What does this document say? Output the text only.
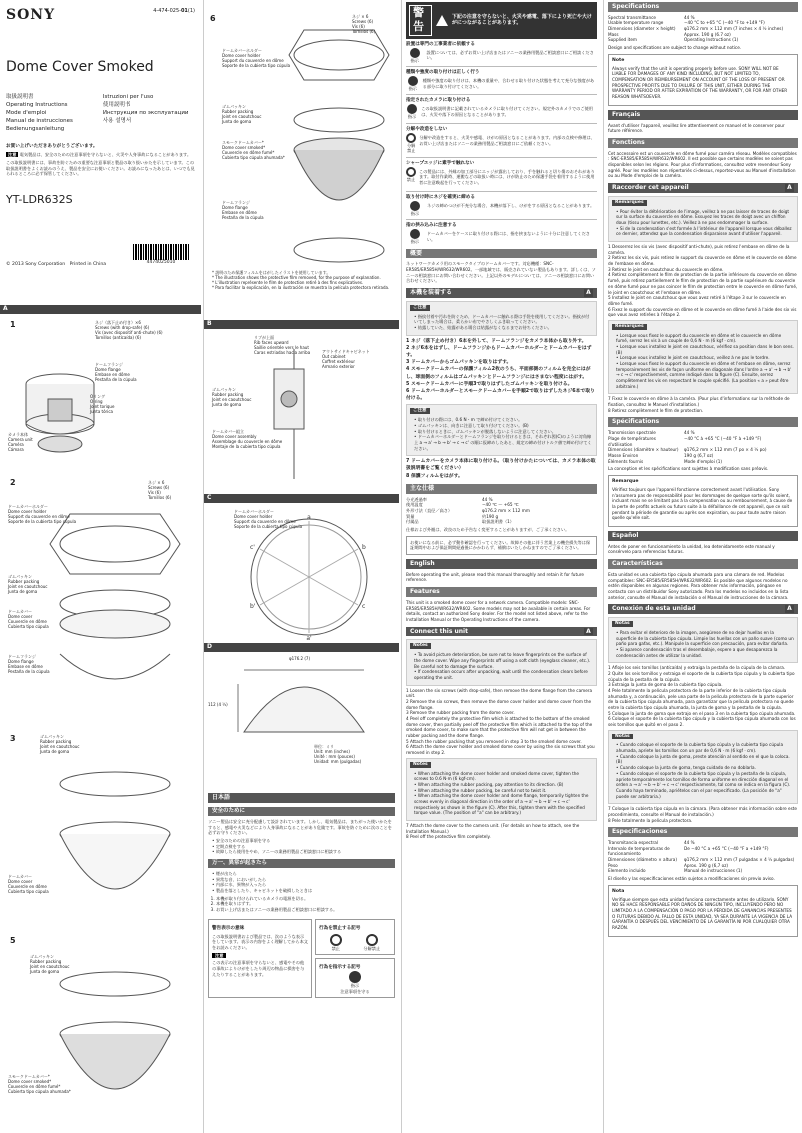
SONY	4-474-025-01(1)
Dome Cover Smoked
取扱説明書
Operating Instructions
Mode d'emploi
Manual de instrucciones
Bedienungsanleitung
Istruzioni per l'uso
使用説明书
Инструкция по эксплуатации
사용 설명서
お買い上げいただきありがとうございます。
注意 電気製品は、安全のための注意事項を守らないと、火災や人身事故になることがあります。
この取扱説明書には、事故を防ぐための重要な注意事項と製品の取り扱いかたを示しています。この取扱説明書をよくお読みのうえ、製品を安全にお使いください。お読みになったあとは、いつでも見られるところに必ず保管してください。
YT-LDR632S
© 2013 Sony Corporation Printed in China	4474025010
A
1	ネジ（落下止め付き）×6
Screws (with drop-safe) (6)
Vis (avec dispositif anti-chute) (6)
Tornillos (antícaída) (6)
ドームフランジ
Dome flange
Embase en dôme
Pestaña de la cúpula
カメラ本体
Camera unit
Caméra
Cámara
Oリング
O-ring
Joint torique
Junta tórica
2	ネジ × 6
Screws (6)
Vis (6)
Tornillos (6)
ドームカバーホルダー
Dome cover holder
Support du couvercle en dôme
Soporte de la cubierta tipo cúpula
ゴムパッキン
Rubber packing
Joint en caoutchouc
Junta de goma
ドームカバー
Dome cover
Couvercle en dôme
Cubierta tipo cúpula
ドームフランジ
Dome flange
Embase en dôme
Pestaña de la cúpula
3	ゴムパッキン
Rubber packing
Joint en caoutchouc
Junta de goma
ドームカバー
Dome cover
Couvercle en dôme
Cubierta tipo cúpula
5
ゴムパッキン
Rubber packing
Joint en caoutchouc
Junta de goma
スモークドームカバー*
Dome cover smoked*
Couvercle en dôme fumé*
Cubierta tipo cúpula ahumada*
6	ネジ × 6
Screws (6)
Vis (6)
Tornillos (6)
ドームカバーホルダー
Dome cover holder
Support du couvercle en dôme
Soporte de la cubierta tipo cúpula
ゴムパッキン
Rubber packing
Joint en caoutchouc
Junta de goma
スモークドームカバー*
Dome cover smoked*
Couvercle en dôme fumé*
Cubierta tipo cúpula ahumada*
ドームフランジ
Dome flange
Embase en dôme
Pestaña de la cúpula
* 説明のため保護フィルムをはがしたイラストを使用しています。
* The illustration shows the protective film removed, for the purpose of explanation.
* L'illustration représente le film de protection retiré à des fins explicatives.
* Para facilitar la explicación, en la ilustración se muestra la película protectora retirada.
B
リブが上面
Rib faces upward
Saillie orientée vers le haut
Caras estriadas hacia arriba	アウトサイドキャビネット
Out cabinet
Coffret extérieur
Armario exterior
ゴムパッキン
Rubber packing
Joint en caoutchouc
Junta de goma
ドームカバー組立
Dome cover assembly
Assemblage du couvercle en dôme
Montaje de la cubierta tipo cúpula
C
a
a'
b
b'	c
c'
ドームカバーホルダー
Dome cover holder
Support du couvercle en dôme
Soporte de la cubierta tipo cúpula
D
φ176.2 (7)
112 (4 ½)
単位：ミリ
Unit: mm (inches)
Unité : mm (pouces)
Unidad: mm (pulgadas)
日本語
安全のために
ソニー製品は安全に充分配慮して設計されています。しかし、電気製品は、まちがった使いかたをすると、感電や火災などにより人身事故になることがあり危険です。事故を防ぐために次のことを必ずお守りください。
• 安全のための注意事項を守る
• 定期点検をする
• 故障したら使用をやめ、ソニーの業務用製品ご相談窓口に相談する
万一、異常が起きたら
• 煙が出たら
• 異常な音、においがしたら
• 内部に水、異物が入ったら
• 製品を落としたり、キャビネットを破損したときは
1. 本機が取り付けられているカメラの電源を切る。
2. 本機を取りはずす。
3. お買い上げ店またはソニーの業務用製品ご相談窓口に相談する。
警告表示の意味
この取扱説明書および製品では、次のような表示をしています。表示の内容をよく理解してから本文をお読みください。
注意
この表示の注意事項を守らないと、感電やその他の事故によりけがをしたり周辺の物品に損害を与えたりすることがあります。
行為を禁止する記号
禁止	分解禁止
行為を指示する記号
指示
注意事項を守る
警告
下記の注意を守らないと、火災や感電、落下により死亡や大けがにつながることがあります。
設置は専門の工事業者に依頼する
指示
設置については、必ずお買い上げ店またはソニーの業務用製品ご相談窓口にご相談ください。
種類や強度の取り付けは正しく行う
指示
種類や強度の取り付けは、本機の重量や、合わせる取り付けた状態を考えて充分な強度がある部分に取り付けてください。
指定されたカメラに取り付ける
指示
この取扱説明書に記載されているカメラに取り付けてください。規定外のカメラでのご使用は、火災や落下の原因となることがあります。
分解や改造をしない
分解禁止
分解や改造をすると、火災や感電、けがの原因となることがあります。内部の点検や修理は、お買い上げ店またはソニーの業務用製品ご相談窓口にご依頼ください。
シャープエッジに素手で触れない
禁止
この製品には、外縁の加工部分にエッジが露出しており、手を触れると切り傷のおそれがあります。取付作業時、運搬などの取扱い時には、けが防止のため保護手袋を着用するように使用者に注意喚起を行ってください。
取り付け時にネジを確実に締める
指示
ネジの締めつけが不充分な場合、本機が落下し、けがをする原因となることがあります。
指の挟み込みに注意する
指示
ドームカバーをケースに取り付ける際には、指を挟まないように十分に注意してください。
概要
ネットワークカメラ用のスモークタイプのドームカバーです。対応機種：SNC-ER585/ER585H/WR632/WR602。一部地域では、販売されていない製品もあります。詳しくは、ソニーの相談窓口にお問い合わせください。上記以外のモデルについては、ソニーの相談窓口にお問い合わせください。
本機を装着する	A
ご注意
• 指紋付着や汚れを防ぐため、ドームカバーに触れる際は手袋を使用してください。指紋が付いてしまった場合は、柔らかい布でやさしくふき取ってください。
• 結露していた、結露がある場合は結露がなくなるまでお待ちください。
1 ネジ（落下止め付き）6本を外して、ドームフランジをカメラ本体から取り外す。
2 ネジ6本をはずし、ドームフランジからドームカバーホルダーとドームカバーをはずす。
3 ドームカバーからゴムパッキンを取りはずす。
4 スモークドームカバーの保護フィルム2枚のうち、平面部側のフィルムを完全にはがし、球面側のフィルムはゴムパッキンとドームフランジにはさまない程度にはがす。
5 スモークドームカバーに手順3で取りはずしたゴムパッキンを取り付ける。
6 ドームカバーホルダーとスモークドームカバーを手順2で取りはずしたネジ6本で取り付ける。
ご注意
• 取り付けの際には、0.6 N・m で締め付けてください。
• ゴムパッキンは、向きに注意して取り付けてください。(B)
• 取り付けるときに、ゴムパッキンが脱落しないように注意してください。
• ドームカバーホルダーとドームフランジを取り付けるときは、それぞれ図(C)のように対角線上 a → a' → b → b' → c → c' の順に仮締めしたあと、規定の締め付けトルク値で締め付けてください。
7 ドームカバーをカメラ本体に取り付ける。（取り付けかたについては、カメラ本体の取扱説明書をご覧ください）
8 保護フィルムをはがす。
主な仕様
分光透過率	44 %
使用温度	−40 ℃ ～ +65 ℃
外形寸法（直径／高さ）	φ176.2 mm × 112 mm
質量	約190 g
付属品	取扱説明書（1）
仕様および外観は、改良のため予告なく変更することがありますが、ご了承ください。
お使いになる前に、必ず動作確認を行ってください。故障その他に伴う営業上の機会損失等は保証期間中および保証期間経過後にかかわらず、補償はいたしかねますのでご了承ください。
English
Before operating the unit, please read this manual thoroughly and retain it for future reference.
Features
This unit is a smoked dome cover for a network camera. Compatible models: SNC-ER585/ER585H/WR632/WR602. Some models may not be available in certain areas. For details, contact an authorized Sony dealer. For the model not listed above, refer to the Installation Manual or the Operating Instructions of the camera.
Connect this unit	A
Notes
• To avoid picture deterioration, be sure not to leave fingerprints on the surface of the dome cover. Wipe any fingerprints off using a soft cloth (eyeglass cleaner, etc.). Be careful not to damage the surface.
• If condensation occurs after unpacking, wait until the condensation clears before operating the unit.
1 Loosen the six screws (with drop-safe), then remove the dome flange from the camera unit.
2 Remove the six screws, then remove the dome cover holder and dome cover from the dome flange.
3 Remove the rubber packing from the dome cover.
4 Peel off completely the protective film which is attached to the bottom of the smoked dome cover, then partially peel off the protective film which is attached to the top of the smoked dome cover, to make sure that the protective film will not get in between the rubber packing and the dome flange.
5 Attach the rubber packing that you removed in step 3 to the smoked dome cover.
6 Attach the dome cover holder and smoked dome cover by using the six screws that you removed in step 2.
Notes
• When attaching the dome cover holder and smoked dome cover, tighten the screws to 0.6 N·m (6 kgf·cm).
• When attaching the rubber packing, pay attention to its direction. (B)
• When attaching the rubber packing, be careful not to twist it.
• When attaching the dome cover holder and dome flange, temporarily tighten the screws evenly in diagonal direction in the order of a → a' → b → b' → c → c' respectively as shown in the figure (C). After this, tighten them with the specified torque value. (The position of "a" can be arbitrary.)
7 Attach the dome cover to the camera unit. (For details on how to attach, see the Installation Manual.)
8 Peel off the protective film completely.
Specifications
Spectral transmittance	44 %
Usable temperature range	−40 °C to +65 °C (−40 °F to +149 °F)
Dimensions (diameter × height)	φ176.2 mm × 112 mm (7 inches × 4 ½ inches)
Mass	Approx. 190 g (6.7 oz)
Supplied item	Operating Instructions (1)
Design and specifications are subject to change without notice.
Note
Always verify that the unit is operating properly before use. SONY WILL NOT BE LIABLE FOR DAMAGES OF ANY KIND INCLUDING, BUT NOT LIMITED TO, COMPENSATION OR REIMBURSEMENT ON ACCOUNT OF THE LOSS OF PRESENT OR PROSPECTIVE PROFITS DUE TO FAILURE OF THIS UNIT, EITHER DURING THE WARRANTY PERIOD OR AFTER EXPIRATION OF THE WARRANTY, OR FOR ANY OTHER REASON WHATSOEVER.
Français
Avant d'utiliser l'appareil, veuillez lire attentivement ce manuel et le conserver pour future référence.
Fonctions
Cet accessoire est un couvercle en dôme fumé pour caméra réseau. Modèles compatibles : SNC-ER585/ER585H/WR632/WR602. Il est possible que certains modèles ne soient pas disponibles selon les régions. Pour plus d'informations, consultez votre revendeur Sony agréé. Pour les modèles non répertoriés ci-dessus, reportez-vous au Manuel d'installation ou au Mode d'emploi de la caméra.
Raccorder cet appareil	A
Remarques
• Pour éviter la détérioration de l'image, veillez à ne pas laisser de traces de doigt sur la surface du couvercle en dôme. Essuyez les traces de doigt avec un chiffon doux (tissu pour lunettes, etc.). Veillez à ne pas endommager la surface.
• Si de la condensation s'est formée à l'intérieur de l'appareil lorsque vous déballez ce dernier, attendez que la condensation disparaisse avant d'utiliser l'appareil.
1 Desserrez les six vis (avec dispositif anti-chute), puis retirez l'embase en dôme de la caméra.
2 Retirez les six vis, puis retirez le support du couvercle en dôme et le couvercle en dôme de l'embase en dôme.
3 Retirez le joint en caoutchouc du couvercle en dôme.
4 Retirez complètement le film de protection de la partie inférieure du couvercle en dôme fumé, puis retirez partiellement le film de protection de la partie supérieure du couvercle en dôme fumé pour ne pas coincer le film de protection entre le couvercle en dôme fumé, le joint en caoutchouc et l'embase en dôme.
5 Installez le joint en caoutchouc que vous avez retiré à l'étape 3 sur le couvercle en dôme fumé.
6 Fixez le support du couvercle en dôme et le couvercle en dôme fumé à l'aide des six vis que vous avez retirées à l'étape 2.
Remarques
• Lorsque vous fixez le support du couvercle en dôme et le couvercle en dôme fumé, serrez les vis à un couple de 0,6 N · m (6 kgf · cm).
• Lorsque vous installez le joint en caoutchouc, vérifiez sa position dans le bon sens. (B)
• Lorsque vous installez le joint en caoutchouc, veillez à ne pas le tordre.
• Lorsque vous fixez le support du couvercle en dôme et l'embase en dôme, serrez temporairement les vis de façon uniforme en diagonale dans l'ordre a → a' → b → b' → c → c' respectivement, comme indiqué dans la figure (C). Ensuite, serrez complètement les vis en respectant le couple spécifié. (La position « a » peut être arbitraire.)
7 Fixez le couvercle en dôme à la caméra. (Pour plus d'informations sur la méthode de fixation, consultez le Manuel d'installation.)
8 Retirez complètement le film de protection.
Spécifications
Transmission spectrale	44 %
Plage de températures d'utilisation
−40 °C à +65 °C (−40 °F à +149 °F)
Dimensions (diamètre × hauteur)	φ176,2 mm × 112 mm (7 po × 4 ½ po)
Masse Environ	190 g (6,7 oz)
Éléments fournis	Mode d'emploi (1)
La conception et les spécifications sont sujettes à modification sans préavis.
Remarque
Vérifiez toujours que l'appareil fonctionne correctement avant l'utilisation. Sony n'assumera pas de responsabilité pour les dommages de quelque sorte qu'ils soient, incluant mais ne se limitant pas à la compensation ou au remboursement, à cause de la perte de profits actuels ou futurs suite à la défaillance de cet appareil, que ce soit pendant la période de garantie ou après son expiration, ou pour toute autre raison quelle qu'elle soit.
Español
Antes de poner en funcionamiento la unidad, lea detenidamente este manual y consérvelo para referencias futuras.
Características
Esta unidad es una cubierta tipo cúpula ahumada para una cámara de red. Modelos compatibles: SNC-ER585/ER585H/WR632/WR602. Es posible que algunos modelos no estén disponibles en algunas regiones. Para obtener más información, póngase en contacto con un distribuidor Sony autorizado. Para los modelos no incluidos en la lista anterior, consulte el Manual de instalación o el Manual de instrucciones de la cámara.
Conexión de esta unidad	A
Notas
• Para evitar el deterioro de la imagen, asegúrese de no dejar huellas en la superficie de la cubierta tipo cúpula. Limpie las huellas con un paño suave (como un paño para gafas, etc.). Manipule la superficie con precaución, para evitar dañarla.
• Si aparece condensación tras el desembalaje, espere a que desaparezca la condensación antes de utilizar la unidad.
1 Afloje los seis tornillos (antícaída) y extraiga la pestaña de la cúpula de la cámara.
2 Quite los seis tornillos y extraiga el soporte de la cubierta tipo cúpula y la cubierta tipo cúpula de la pestaña de la cúpula.
3 Extraiga la junta de goma de la cubierta tipo cúpula.
4 Pele totalmente la película protectora de la parte inferior de la cubierta tipo cúpula ahumada y, a continuación, pele una parte de la película protectora de la parte superior de la cubierta tipo cúpula ahumada, para garantizar que la película protectora no quede entre la cubierta tipo cúpula ahumada, la junta de goma y la pestaña de la cúpula.
5 Coloque la junta de goma que extrajo en el paso 3 en la cubierta tipo cúpula ahumada.
6 Coloque el soporte de la cubierta tipo cúpula y la cubierta tipo cúpula ahumada con los seis tornillos que quitó en el paso 2.
Notas
• Cuando coloque el soporte de la cubierta tipo cúpula y la cubierta tipo cúpula ahumada, apriete los tornillos con un par de 0,6 N · m (6 kgf · cm).
• Cuando coloque la junta de goma, preste atención al sentido en el que la coloca. (B)
• Cuando coloque la junta de goma, tenga cuidado de no doblarla.
• Cuando coloque el soporte de la cubierta tipo cúpula y la pestaña de la cúpula, apriete temporalmente los tornillos de forma uniforme en dirección diagonal en el orden a → a' → b → b' → c → c' respectivamente, tal como se indica en la figura (C). Cuando haya terminado, apriételos con el par especificado. (La posición de "a" puede ser arbitraria.)
7 Coloque la cubierta tipo cúpula en la cámara. (Para obtener más información sobre este procedimiento, consulte el Manual de instalación.)
8 Pele totalmente la película protectora.
Especificaciones
Transmitancia espectral	44 %
Intervalo de temperaturas de funcionamiento
De −40 °C a +65 °C (−40 °F a +149 °F)
Dimensiones (diámetro × altura)	φ176,2 mm × 112 mm (7 pulgadas × 4 ½ pulgadas)
Peso	Aprox. 190 g (6,7 oz)
Elemento incluido	Manual de instrucciones (1)
El diseño y las especificaciones están sujetos a modificaciones sin previo aviso.
Nota
Verifique siempre que esta unidad funciona correctamente antes de utilizarlo. SONY NO SE HACE RESPONSABLE POR DAÑOS DE NINGÚN TIPO, INCLUYENDO PERO NO LIMITADO A LA COMPENSACIÓN O PAGO POR LA PÉRDIDA DE GANANCIAS PRESENTES O FUTURAS DEBIDO AL FALLO DE ESTA UNIDAD, YA SEA DURANTE LA VIGENCIA DE LA GARANTÍA O DESPUÉS DEL VENCIMIENTO DE LA GARANTÍA NI POR CUALQUIER OTRA RAZÓN.
